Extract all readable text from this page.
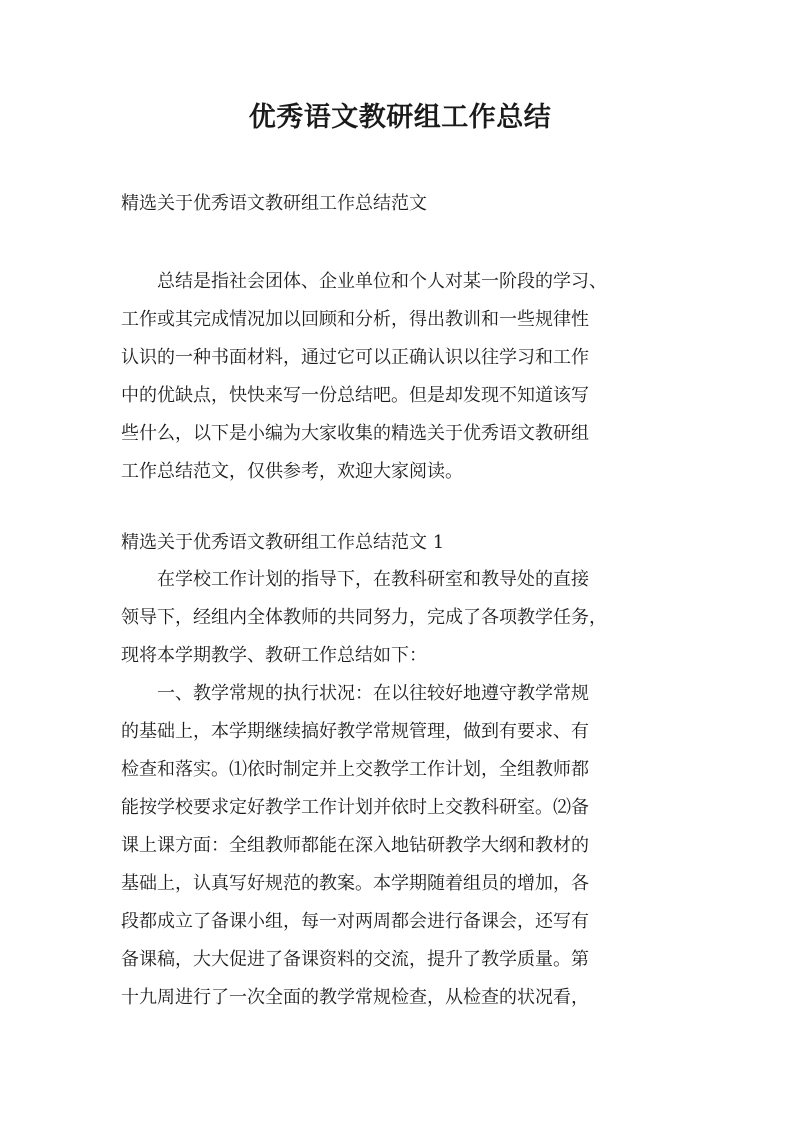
优秀语文教研组工作总结

精选关于优秀语文教研组工作总结范文

总结是指社会团体、企业单位和个人对某一阶段的学习、
工作或其完成情况加以回顾和分析，得出教训和一些规律性
认识的一种书面材料，通过它可以正确认识以往学习和工作
中的优缺点，快快来写一份总结吧。但是却发现不知道该写
些什么，以下是小编为大家收集的精选关于优秀语文教研组
工作总结范文，仅供参考，欢迎大家阅读。

精选关于优秀语文教研组工作总结范文 1

在学校工作计划的指导下，在教科研室和教导处的直接
领导下，经组内全体教师的共同努力，完成了各项教学任务，
现将本学期教学、教研工作总结如下：
一、教学常规的执行状况：在以往较好地遵守教学常规
的基础上，本学期继续搞好教学常规管理，做到有要求、有
检查和落实。⑴依时制定并上交教学工作计划，全组教师都
能按学校要求定好教学工作计划并依时上交教科研室。⑵备
课上课方面：全组教师都能在深入地钻研教学大纲和教材的
基础上，认真写好规范的教案。本学期随着组员的增加，各
段都成立了备课小组，每一对两周都会进行备课会，还写有
备课稿，大大促进了备课资料的交流，提升了教学质量。第
十九周进行了一次全面的教学常规检查，从检查的状况看，
